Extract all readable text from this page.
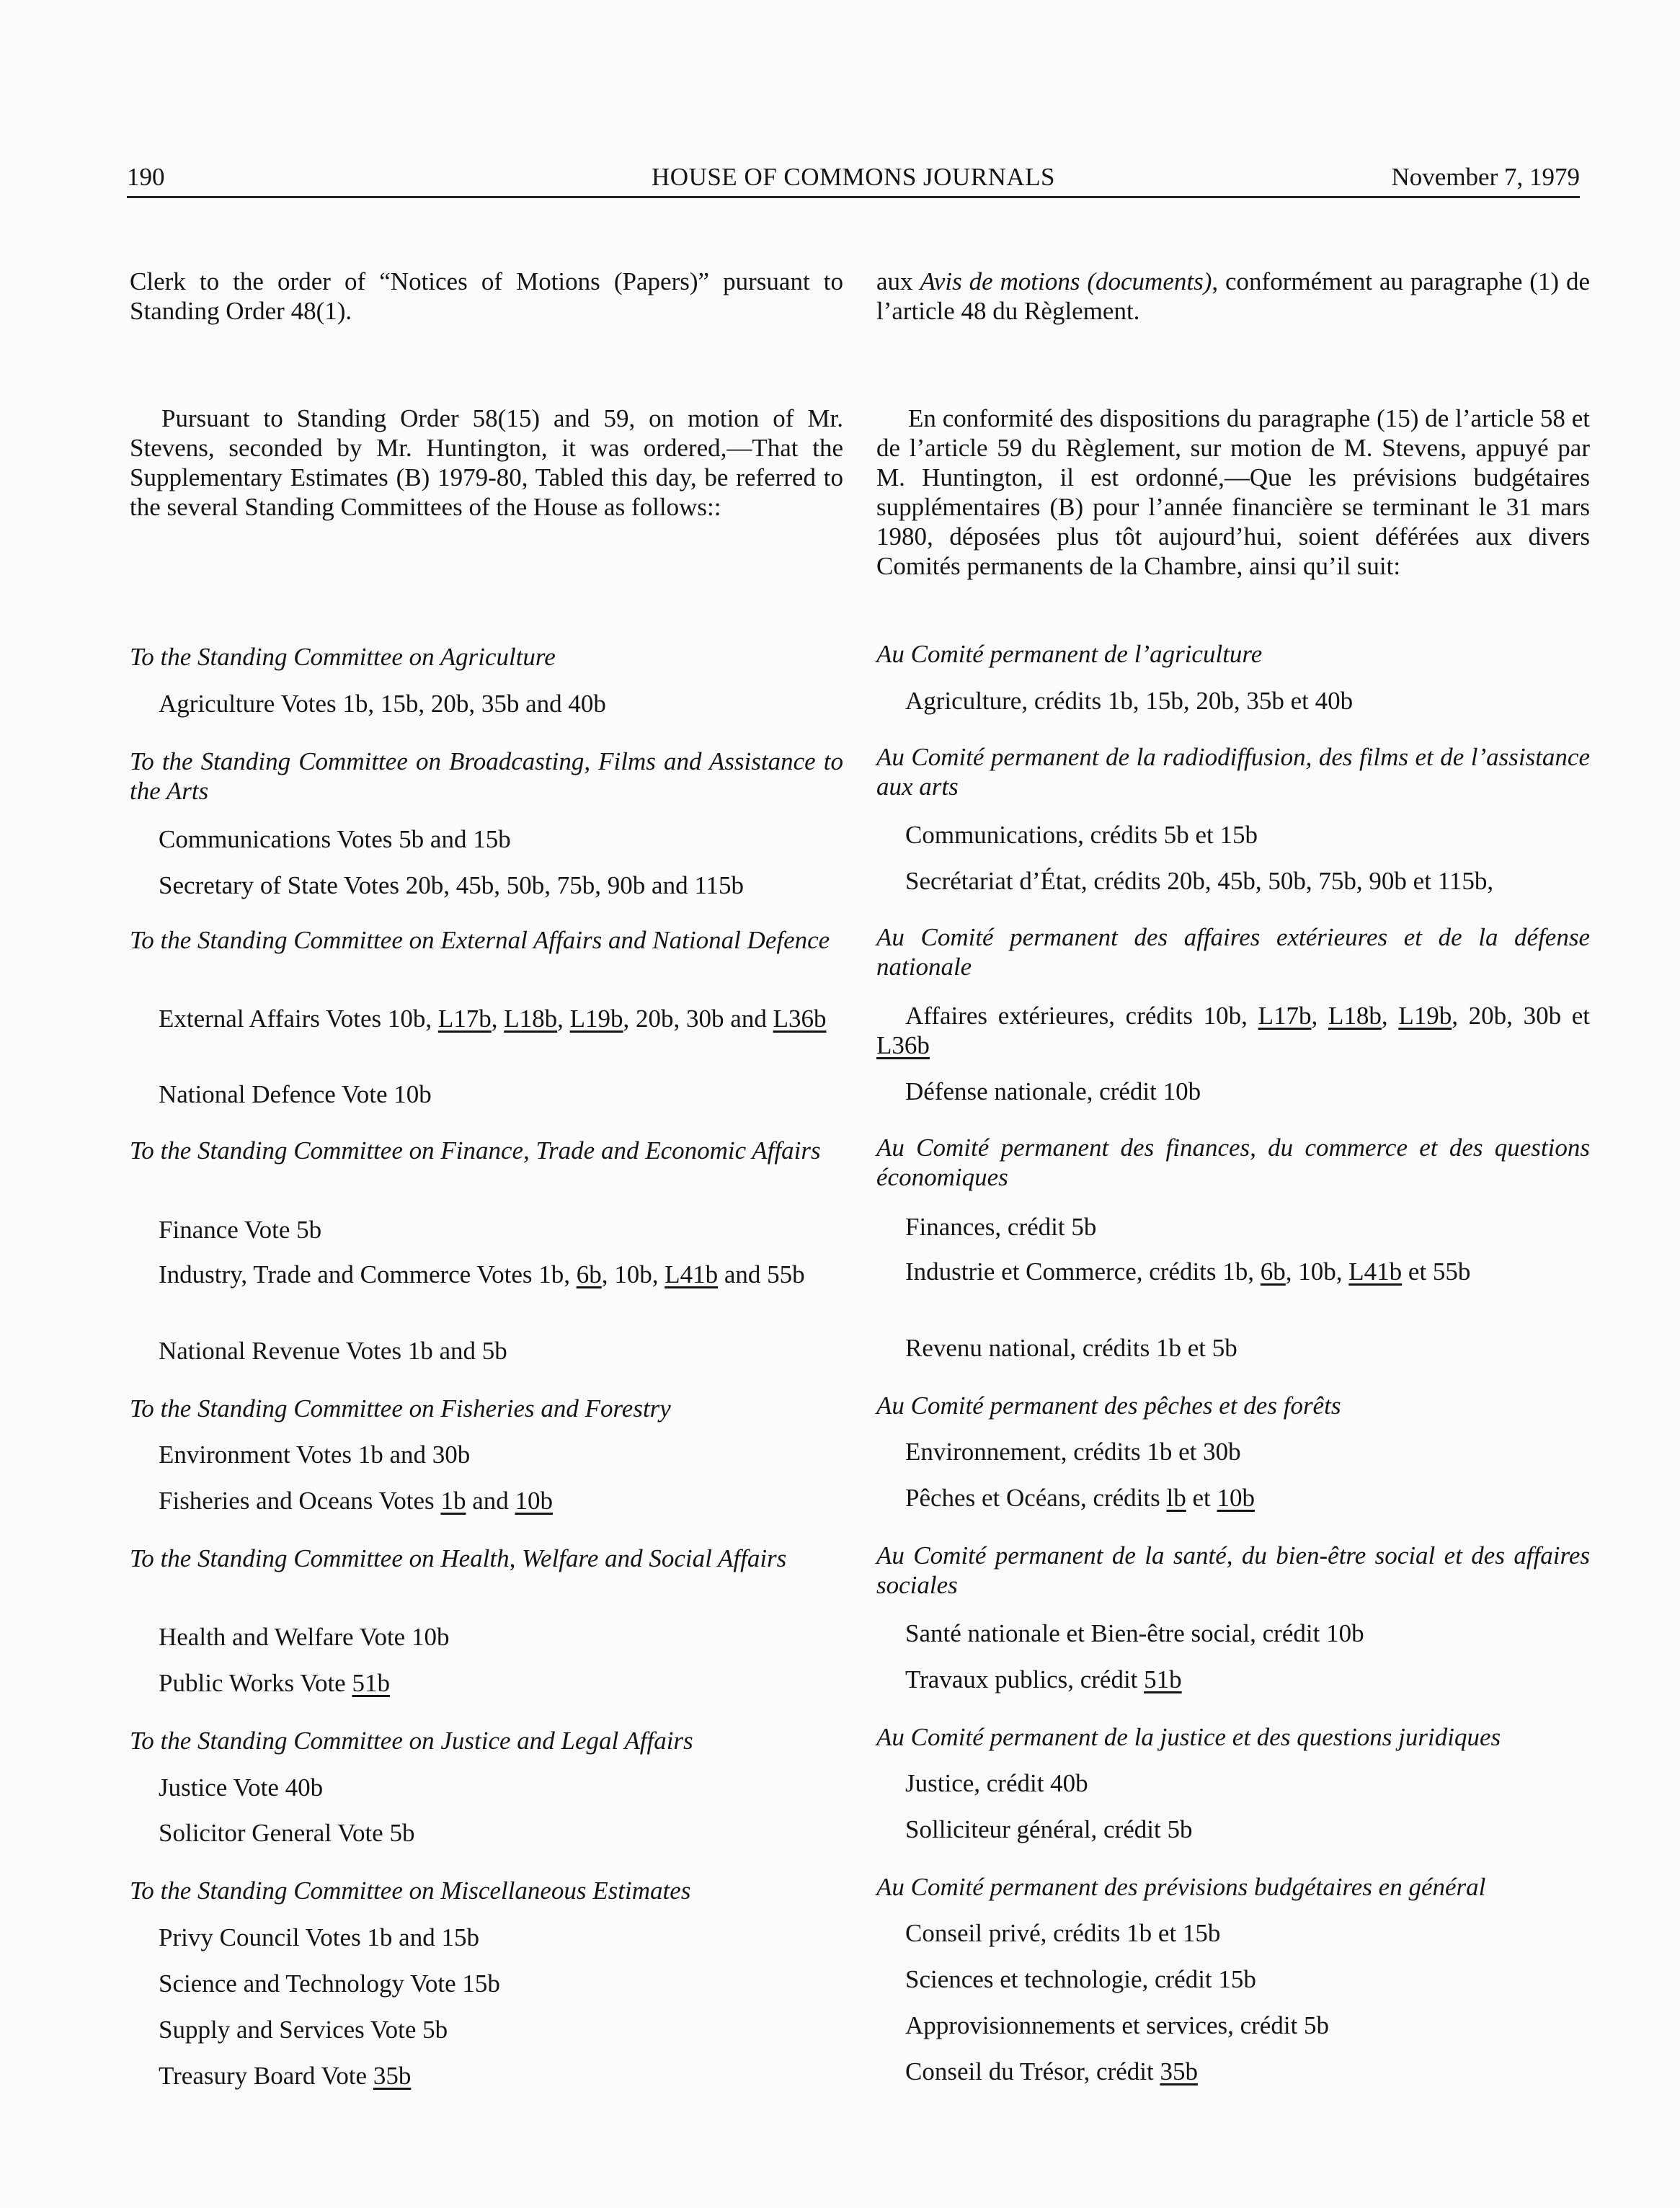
190	HOUSE OF COMMONS JOURNALS	November 7, 1979
Clerk to the order of “Notices of Motions (Papers)” pursuant to Standing Order 48(1).
Pursuant to Standing Order 58(15) and 59, on motion of Mr. Stevens, seconded by Mr. Huntington, it was ordered,—That the Supplementary Estimates (B) 1979-80, Tabled this day, be referred to the several Standing Committees of the House as follows::
To the Standing Committee on Agriculture
Agriculture Votes 1b, 15b, 20b, 35b and 40b
To the Standing Committee on Broadcasting, Films and Assistance to the Arts
Communications Votes 5b and 15b
Secretary of State Votes 20b, 45b, 50b, 75b, 90b and 115b
To the Standing Committee on External Affairs and National Defence
External Affairs Votes 10b, L17b, L18b, L19b, 20b, 30b and L36b
National Defence Vote 10b
To the Standing Committee on Finance, Trade and Economic Affairs
Finance Vote 5b
Industry, Trade and Commerce Votes 1b, 6b, 10b, L41b and 55b
National Revenue Votes 1b and 5b
To the Standing Committee on Fisheries and Forestry
Environment Votes 1b and 30b
Fisheries and Oceans Votes 1b and 10b
To the Standing Committee on Health, Welfare and Social Affairs
Health and Welfare Vote 10b
Public Works Vote 51b
To the Standing Committee on Justice and Legal Affairs
Justice Vote 40b
Solicitor General Vote 5b
To the Standing Committee on Miscellaneous Estimates
Privy Council Votes 1b and 15b
Science and Technology Vote 15b
Supply and Services Vote 5b
Treasury Board Vote 35b
aux Avis de motions (documents), conformément au paragraphe (1) de l’article 48 du Règlement.
En conformité des dispositions du paragraphe (15) de l’article 58 et de l’article 59 du Règlement, sur motion de M. Stevens, appuyé par M. Huntington, il est ordonné,—Que les prévisions budgétaires supplémentaires (B) pour l’année financière se terminant le 31 mars 1980, déposées plus tôt aujourd’hui, soient déférées aux divers Comités permanents de la Chambre, ainsi qu’il suit:
Au Comité permanent de l’agriculture
Agriculture, crédits 1b, 15b, 20b, 35b et 40b
Au Comité permanent de la radiodiffusion, des films et de l’assistance aux arts
Communications, crédits 5b et 15b
Secrétariat d’État, crédits 20b, 45b, 50b, 75b, 90b et 115b,
Au Comité permanent des affaires extérieures et de la défense nationale
Affaires extérieures, crédits 10b, L17b, L18b, L19b, 20b, 30b et L36b
Défense nationale, crédit 10b
Au Comité permanent des finances, du commerce et des questions économiques
Finances, crédit 5b
Industrie et Commerce, crédits 1b, 6b, 10b, L41b et 55b
Revenu national, crédits 1b et 5b
Au Comité permanent des pêches et des forêts
Environnement, crédits 1b et 30b
Pêches et Océans, crédits lb et 10b
Au Comité permanent de la santé, du bien-être social et des affaires sociales
Santé nationale et Bien-être social, crédit 10b
Travaux publics, crédit 51b
Au Comité permanent de la justice et des questions juridiques
Justice, crédit 40b
Solliciteur général, crédit 5b
Au Comité permanent des prévisions budgétaires en général
Conseil privé, crédits 1b et 15b
Sciences et technologie, crédit 15b
Approvisionnements et services, crédit 5b
Conseil du Trésor, crédit 35b
